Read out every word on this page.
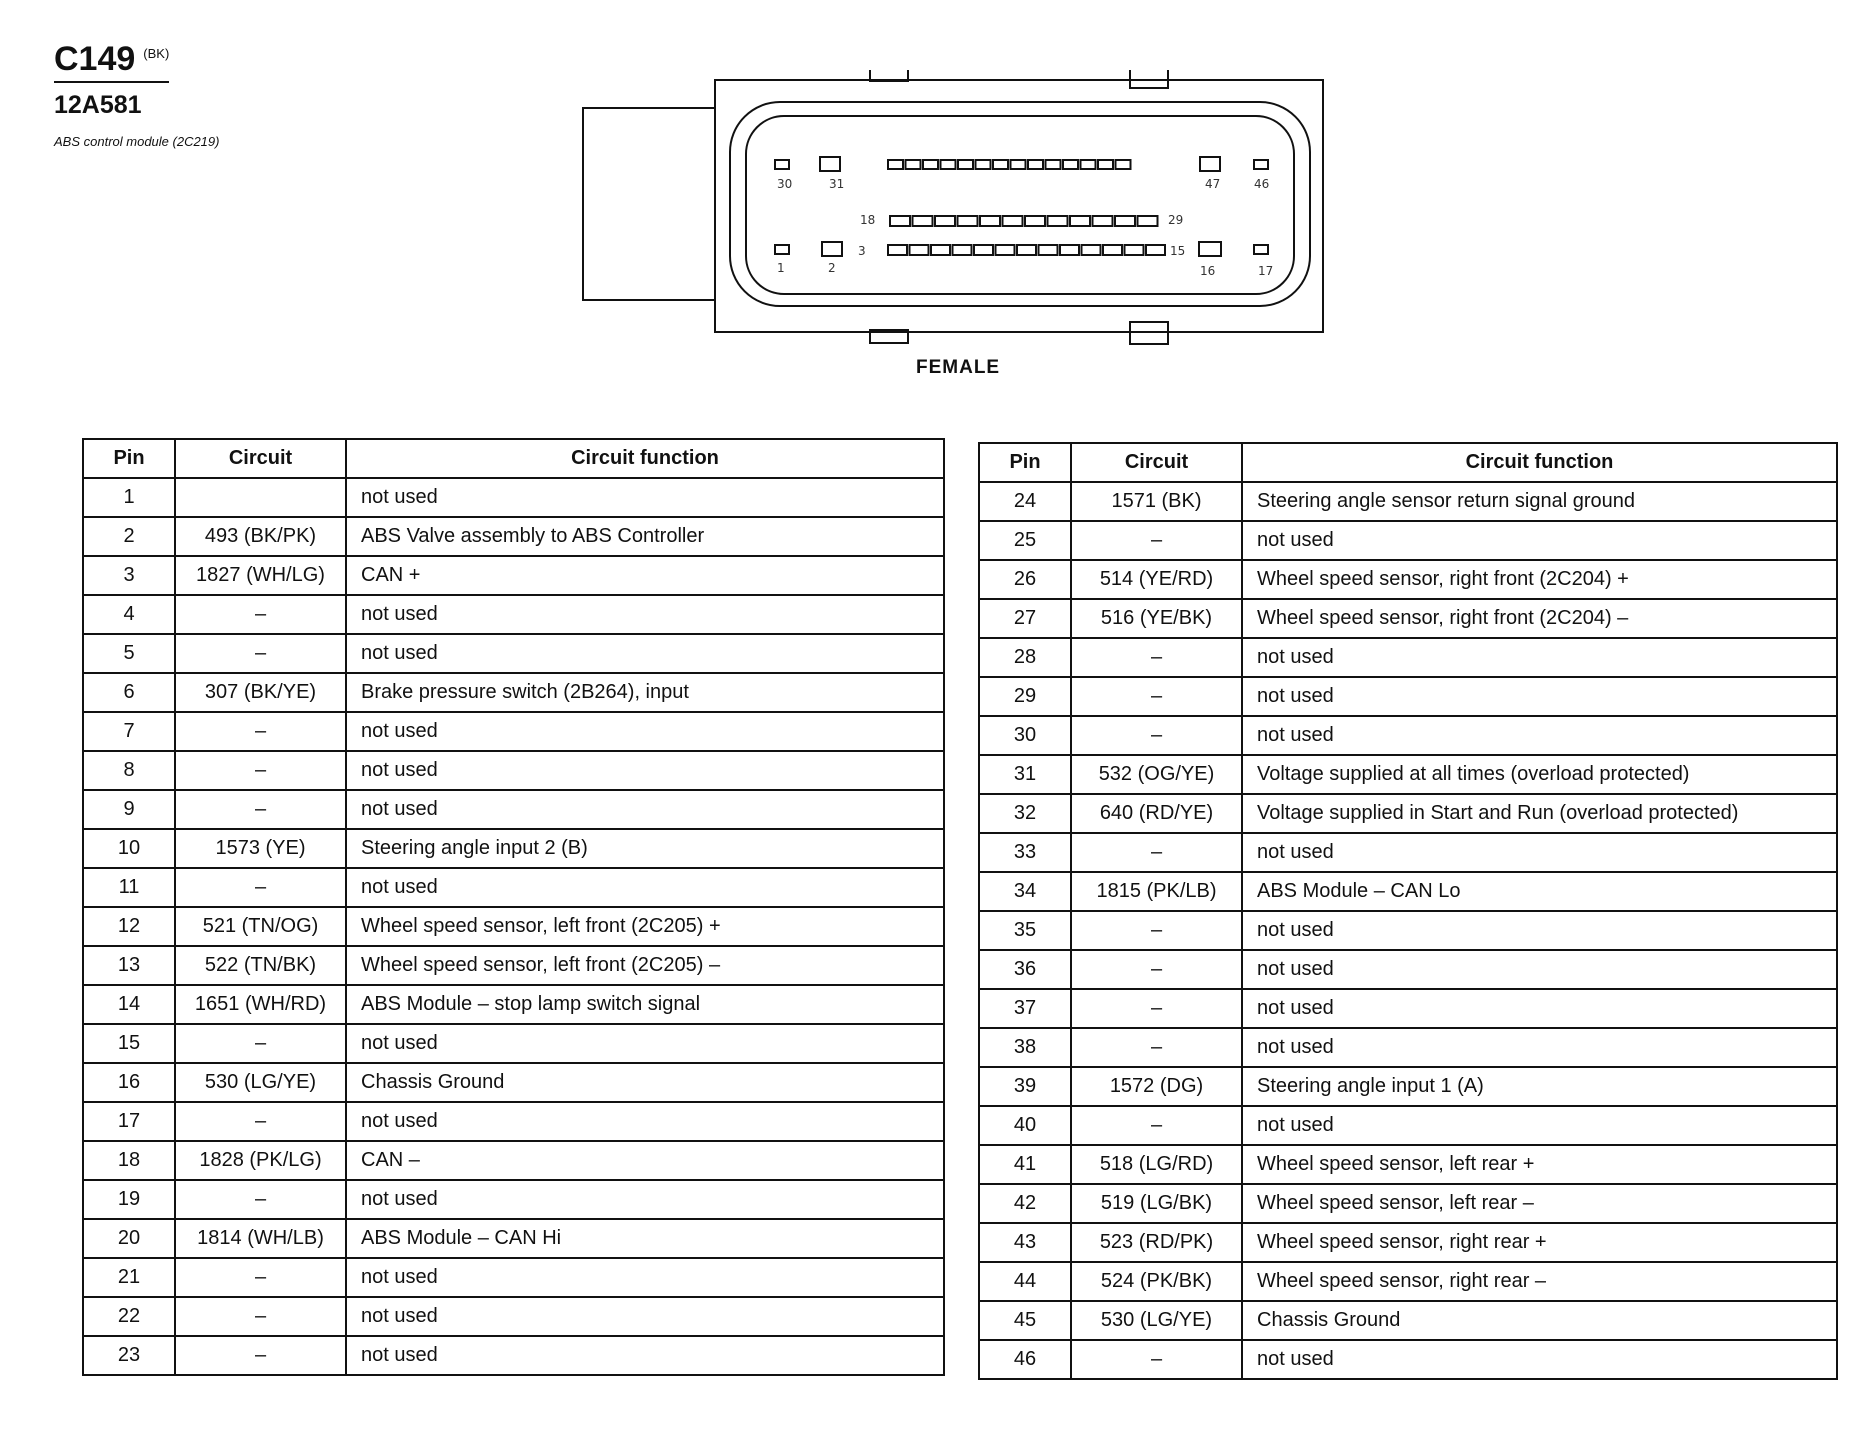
C149 $^{(BK)}$
12A581
ABS control module (2C219)
30	31	47	46
18	29
1	2
3	15
16	17
FEMALE
Pin	Circuit	Circuit function
1		not used
2	493 (BK/PK)	ABS Valve assembly to ABS Controller
3	1827 (WH/LG)	CAN +
4	–	not used
5	–	not used
6	307 (BK/YE)	Brake pressure switch (2B264), input
7	–	not used
8	–	not used
9	–	not used
10	1573 (YE)	Steering angle input 2 (B)
11	–	not used
12	521 (TN/OG)	Wheel speed sensor, left front (2C205) +
13	522 (TN/BK)	Wheel speed sensor, left front (2C205) –
14	1651 (WH/RD)	ABS Module – stop lamp switch signal
15	–	not used
16	530 (LG/YE)	Chassis Ground
17	–	not used
18	1828 (PK/LG)	CAN –
19	–	not used
20	1814 (WH/LB)	ABS Module – CAN Hi
21	–	not used
22	–	not used
23	–	not used
Pin	Circuit	Circuit function
24	1571 (BK)	Steering angle sensor return signal ground
25	–	not used
26	514 (YE/RD)	Wheel speed sensor, right front (2C204) +
27	516 (YE/BK)	Wheel speed sensor, right front (2C204) –
28	–	not used
29	–	not used
30	–	not used
31	532 (OG/YE)	Voltage supplied at all times (overload protected)
32	640 (RD/YE)	Voltage supplied in Start and Run (overload protected)
33	–	not used
34	1815 (PK/LB)	ABS Module – CAN Lo
35	–	not used
36	–	not used
37	–	not used
38	–	not used
39	1572 (DG)	Steering angle input 1 (A)
40	–	not used
41	518 (LG/RD)	Wheel speed sensor, left rear +
42	519 (LG/BK)	Wheel speed sensor, left rear –
43	523 (RD/PK)	Wheel speed sensor, right rear +
44	524 (PK/BK)	Wheel speed sensor, right rear –
45	530 (LG/YE)	Chassis Ground
46	–	not used
